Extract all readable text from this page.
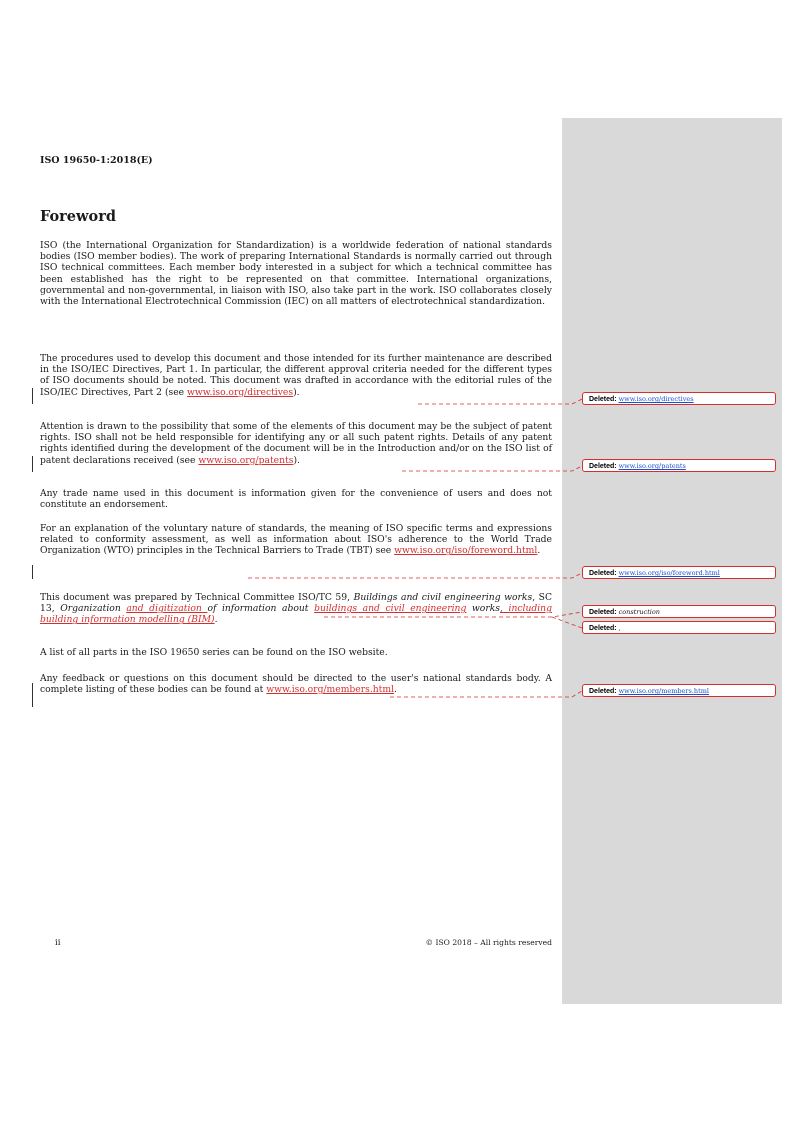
ISO 19650-1:2018(E)
Foreword

ISO (the International Organization for Standardization) is a worldwide federation of national standards bodies (ISO member bodies). The work of preparing International Standards is normally carried out through ISO technical committees. Each member body interested in a subject for which a technical committee has been established has the right to be represented on that committee. International organizations, governmental and non-governmental, in liaison with ISO, also take part in the work. ISO collaborates closely with the International Electrotechnical Commission (IEC) on all matters of electrotechnical standardization.

The procedures used to develop this document and those intended for its further maintenance are described in the ISO/IEC Directives, Part 1. In particular, the different approval criteria needed for the different types of ISO documents should be noted. This document was drafted in accordance with the editorial rules of the ISO/IEC Directives, Part 2 (see www.iso.org/directives).

Attention is drawn to the possibility that some of the elements of this document may be the subject of patent rights. ISO shall not be held responsible for identifying any or all such patent rights. Details of any patent rights identified during the development of the document will be in the Introduction and/or on the ISO list of patent declarations received (see www.iso.org/patents).

Any trade name used in this document is information given for the convenience of users and does not constitute an endorsement.

For an explanation of the voluntary nature of standards, the meaning of ISO specific terms and expressions related to conformity assessment, as well as information about ISO's adherence to the World Trade Organization (WTO) principles in the Technical Barriers to Trade (TBT) see www.iso.org/iso/foreword.html.

This document was prepared by Technical Committee ISO/TC 59, Buildings and civil engineering works, SC 13, Organization and digitization of information about buildings and civil engineering works, including building information modelling (BIM).

A list of all parts in the ISO 19650 series can be found on the ISO website.

Any feedback or questions on this document should be directed to the user's national standards body. A complete listing of these bodies can be found at www.iso.org/members.html.

ii	© ISO 2018 – All rights reserved
Deleted: www.iso.org/directives
Deleted: www.iso.org/patents
Deleted: www.iso.org/iso/foreword.html
Deleted: construction
Deleted: ,
Deleted: www.iso.org/members.html
